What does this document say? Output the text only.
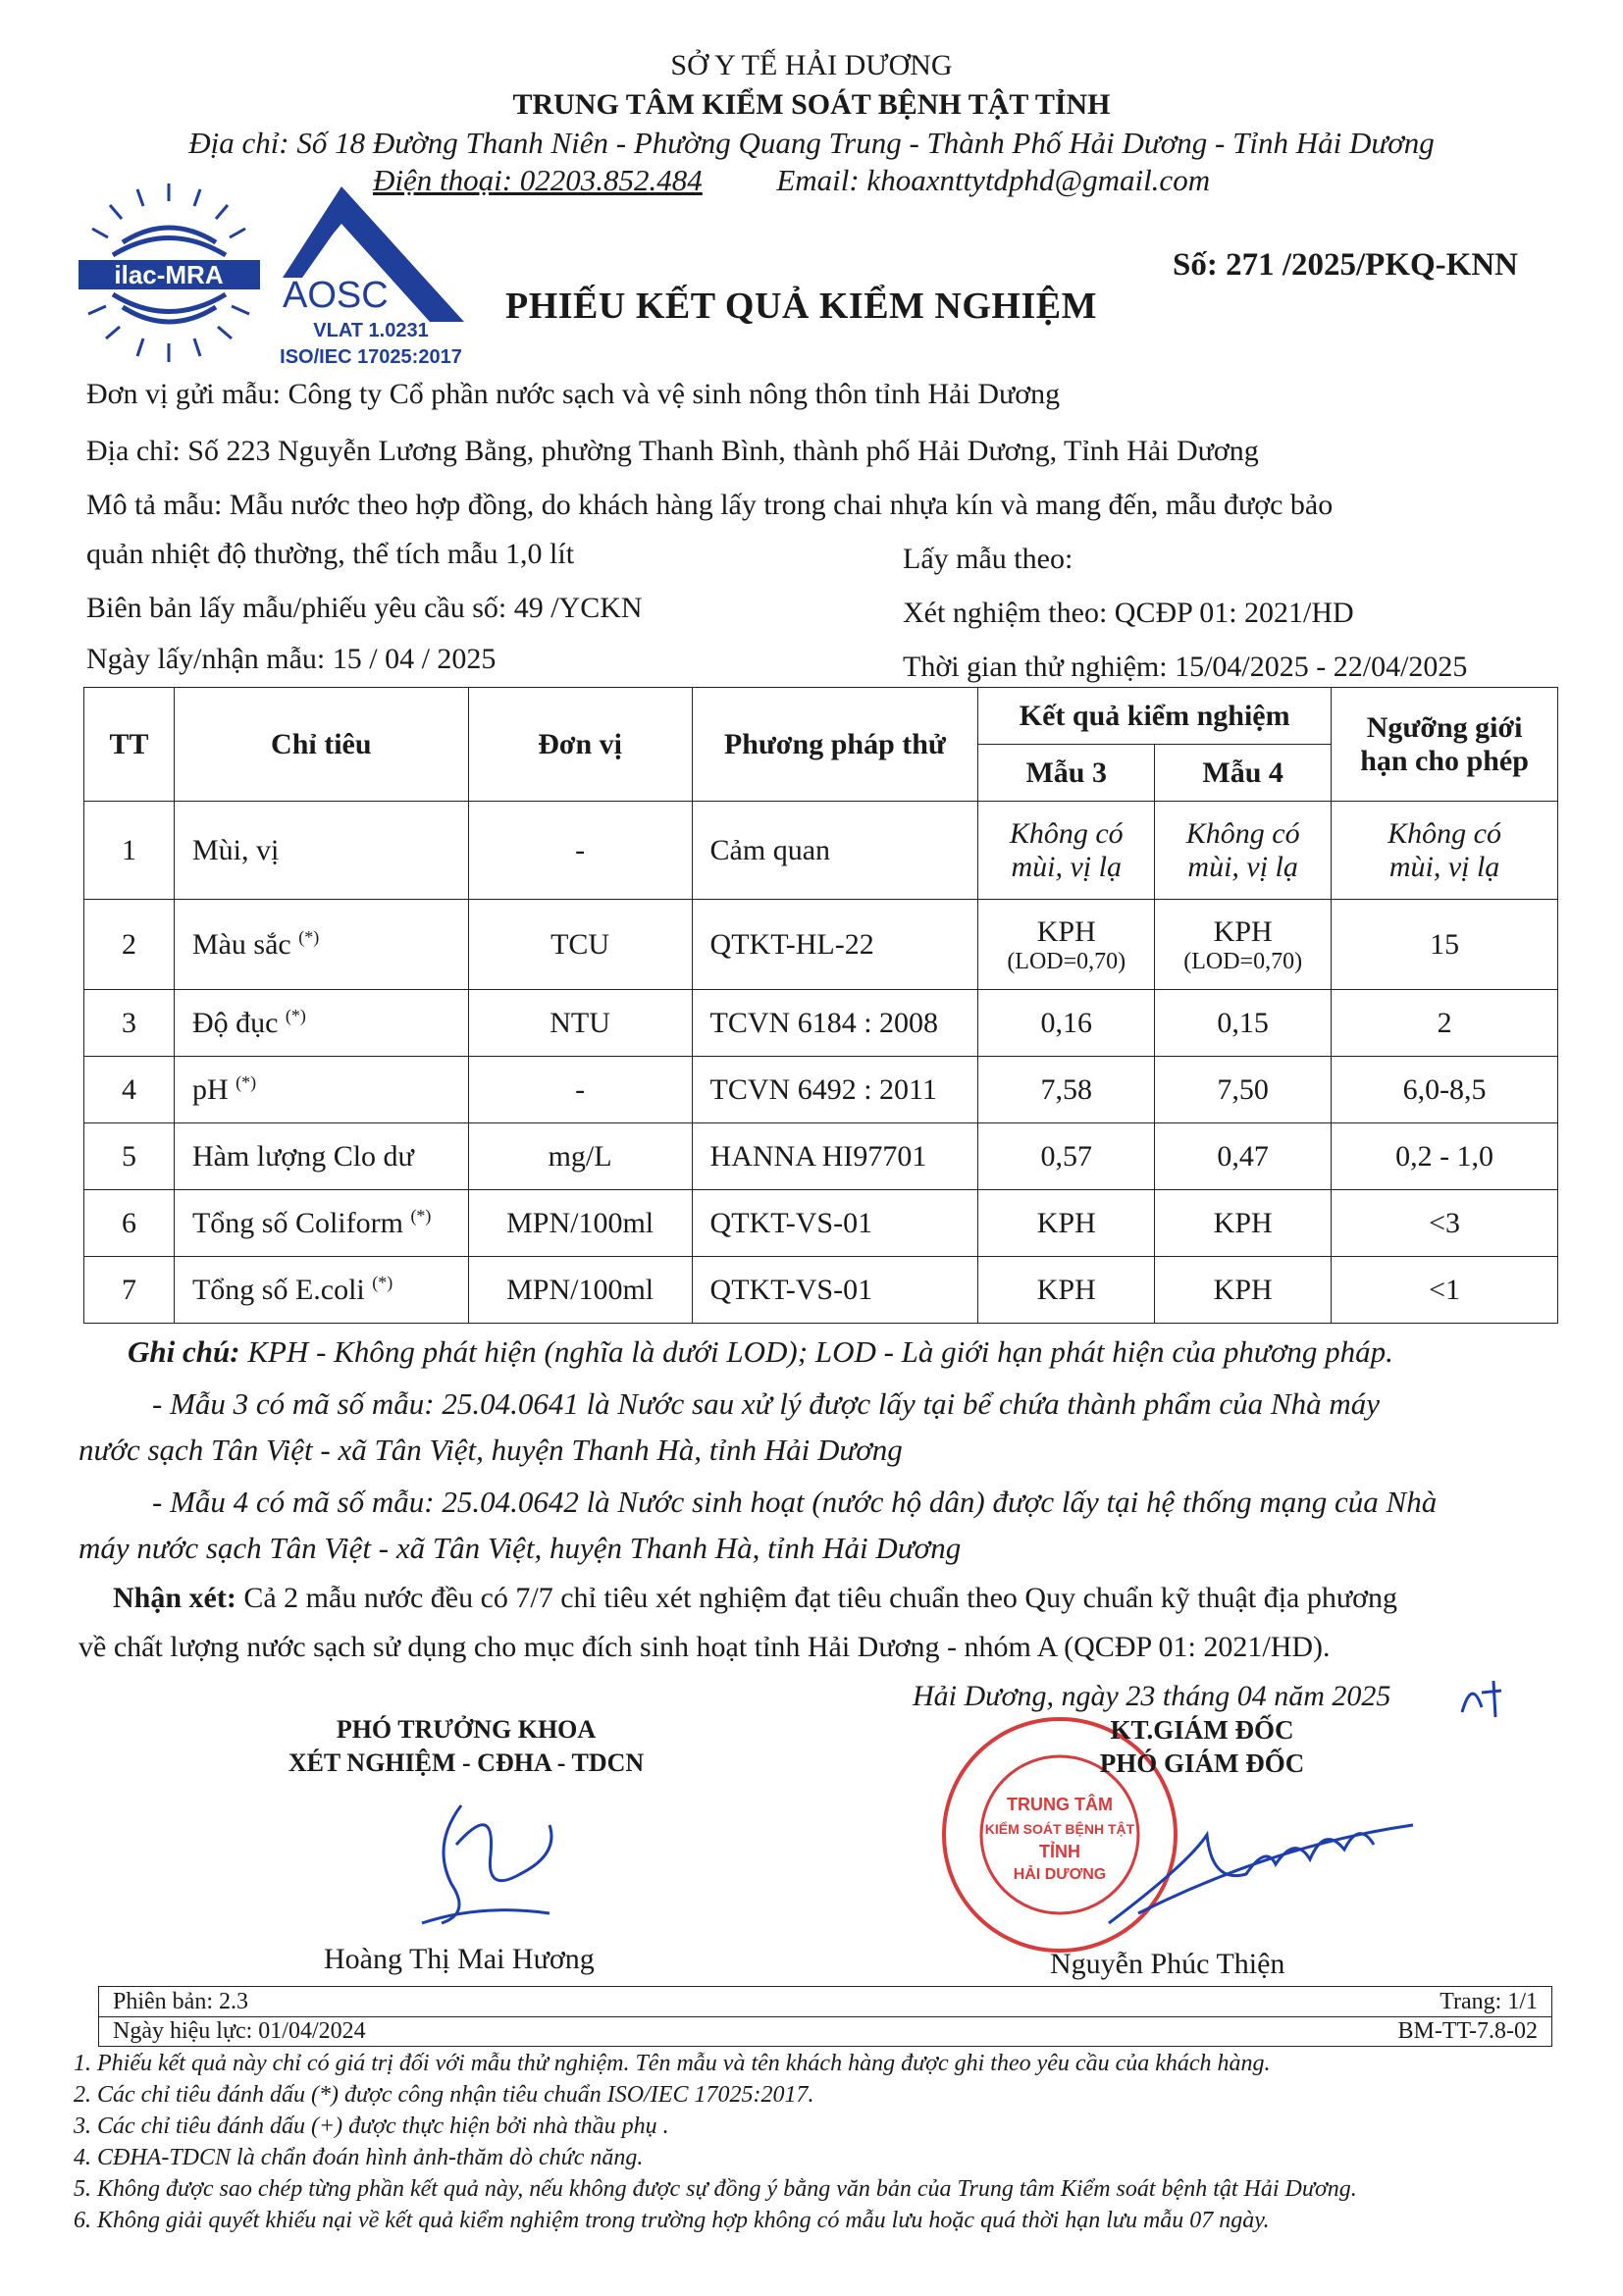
SỞ Y TẾ HẢI DƯƠNG
TRUNG TÂM KIỂM SOÁT BỆNH TẬT TỈNH
Địa chỉ: Số 18 Đường Thanh Niên - Phường Quang Trung - Thành Phố Hải Dương - Tỉnh Hải Dương
Điện thoại: 02203.852.484 Email: khoaxnttytdphd@gmail.com
ilac-MRA AOSC
VLAT 1.0231
ISO/IEC 17025:2017
Số: 271 /2025/PKQ-KNN
PHIẾU KẾT QUẢ KIỂM NGHIỆM
Đơn vị gửi mẫu: Công ty Cổ phần nước sạch và vệ sinh nông thôn tỉnh Hải Dương
Địa chỉ: Số 223 Nguyễn Lương Bằng, phường Thanh Bình, thành phố Hải Dương, Tỉnh Hải Dương
Mô tả mẫu: Mẫu nước theo hợp đồng, do khách hàng lấy trong chai nhựa kín và mang đến, mẫu được bảo
quản nhiệt độ thường, thể tích mẫu 1,0 lít	Lấy mẫu theo:
Biên bản lấy mẫu/phiếu yêu cầu số: 49 /YCKN	Xét nghiệm theo: QCĐP 01: 2021/HD
Ngày lấy/nhận mẫu: 15 / 04 / 2025	Thời gian thử nghiệm: 15/04/2025 - 22/04/2025
TT	Chỉ tiêu	Đơn vị	Phương pháp thử	Kết quả kiểm nghiệm		Ngưỡng giới
hạn cho phép
				Mẫu 3	Mẫu 4	
1	Mùi, vị	-	Cảm quan	Không có
mùi, vị lạ	Không có
mùi, vị lạ	Không có
mùi, vị lạ

2	Màu sắc (*)	TCU	QTKT-HL-22	KPH
(LOD=0,70)	KPH
(LOD=0,70)	15
3	Độ đục (*)	NTU	TCVN 6184 : 2008	0,16	0,15	2
4	pH (*)	-	TCVN 6492 : 2011	7,58	7,50	6,0-8,5
5	Hàm lượng Clo dư	mg/L	HANNA HI97701	0,57	0,47	0,2 - 1,0
6	Tổng số Coliform (*)	MPN/100ml	QTKT-VS-01	KPH	KPH	<3
7	Tổng số E.coli (*)	MPN/100ml	QTKT-VS-01	KPH	KPH	<1
Ghi chú: KPH - Không phát hiện (nghĩa là dưới LOD); LOD - Là giới hạn phát hiện của phương pháp.
- Mẫu 3 có mã số mẫu: 25.04.0641 là Nước sau xử lý được lấy tại bể chứa thành phẩm của Nhà máy
nước sạch Tân Việt - xã Tân Việt, huyện Thanh Hà, tỉnh Hải Dương
- Mẫu 4 có mã số mẫu: 25.04.0642 là Nước sinh hoạt (nước hộ dân) được lấy tại hệ thống mạng của Nhà
máy nước sạch Tân Việt - xã Tân Việt, huyện Thanh Hà, tỉnh Hải Dương
Nhận xét: Cả 2 mẫu nước đều có 7/7 chỉ tiêu xét nghiệm đạt tiêu chuẩn theo Quy chuẩn kỹ thuật địa phương
về chất lượng nước sạch sử dụng cho mục đích sinh hoạt tỉnh Hải Dương - nhóm A (QCĐP 01: 2021/HD).
Hải Dương, ngày 23 tháng 04 năm 2025
PHÓ TRƯỞNG KHOA
XÉT NGHIỆM - CĐHA - TDCN
Hoàng Thị Mai Hương
TRUNG TÂM
KIỂM SOÁT BỆNH TẬT
TỈNH
HẢI DƯƠNG
KT.GIÁM ĐỐC
PHÓ GIÁM ĐỐC
Nguyễn Phúc Thiện
Phiên bản: 2.3	Trang: 1/1
Ngày hiệu lực: 01/04/2024	BM-TT-7.8-02
1. Phiếu kết quả này chỉ có giá trị đối với mẫu thử nghiệm. Tên mẫu và tên khách hàng được ghi theo yêu cầu của khách hàng.
2. Các chỉ tiêu đánh dấu (*) được công nhận tiêu chuẩn ISO/IEC 17025:2017.
3. Các chỉ tiêu đánh dấu (+) được thực hiện bởi nhà thầu phụ .
4. CĐHA-TDCN là chẩn đoán hình ảnh-thăm dò chức năng.
5. Không được sao chép từng phần kết quả này, nếu không được sự đồng ý bằng văn bản của Trung tâm Kiểm soát bệnh tật Hải Dương.
6. Không giải quyết khiếu nại về kết quả kiểm nghiệm trong trường hợp không có mẫu lưu hoặc quá thời hạn lưu mẫu 07 ngày.
